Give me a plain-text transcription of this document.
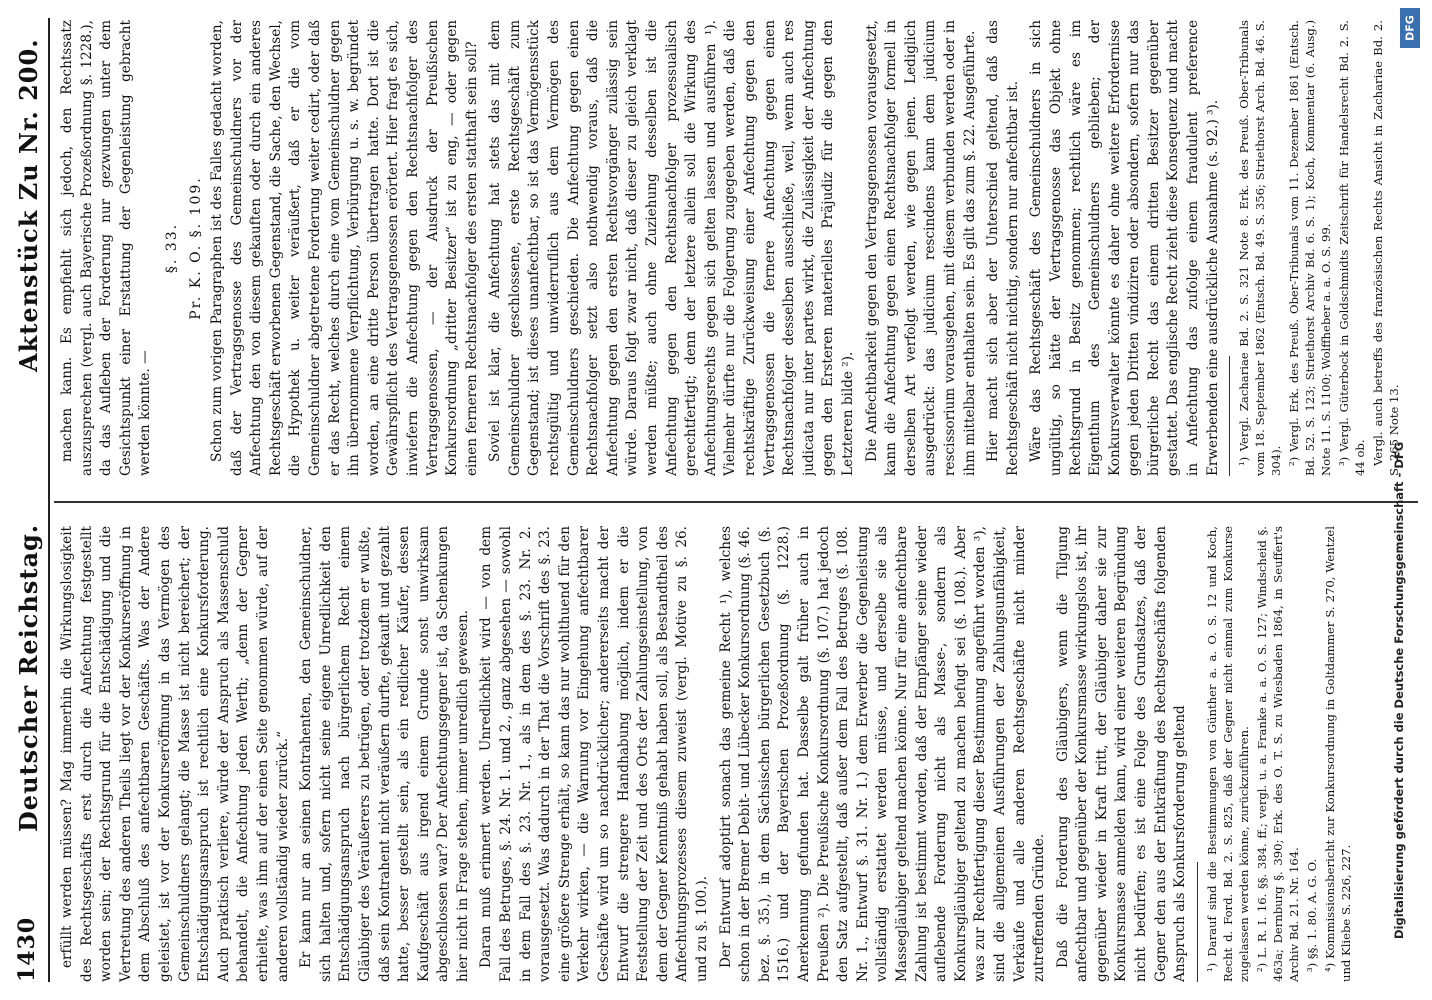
1430
Deutscher Reichstag.
Aktenstück Zu Nr. 200.

erfüllt werden müssen? Mag immerhin die Wirkungslosigkeit des Rechtsgeschäfts erst durch die Anfechtung festgestellt worden sein; der Rechtsgrund für die Entschädigung und die Vertretung des anderen Theils liegt vor der Konkurseröffnung in dem Abschluß des anfechtbaren Geschäfts. Was der Andere geleistet, ist vor der Konkurseröffnung in das Vermögen des Gemeinschuldners gelangt; die Masse ist nicht bereichert; der Entschädigungsanspruch ist rechtlich eine Konkursforderung. Auch praktisch verliere, würde der Anspruch als Massenschuld behandelt, die Anfechtung jeden Werth; „denn der Gegner erhielte, was ihm auf der einen Seite genommen würde, auf der anderen vollständig wieder zurück.“ Er kann nur an seinen Kontrahenten, den Gemeinschuldner, sich halten und, sofern nicht seine eigene Unredlichkeit den Entschädigungsanspruch nach bürgerlichem Recht einem Gläubiger des Veräußerers zu betrügen, oder trotzdem er wußte, daß sein Kontrahent nicht veräußern durfte, gekauft und gezahlt hatte, besser gestellt sein, als ein redlicher Käufer, dessen Kaufgeschäft aus irgend einem Grunde sonst unwirksam abgeschlossen war? Der Anfechtungsgegner ist, da Schenkungen hier nicht in Frage stehen, immer unredlich gewesen. Daran muß erinnert werden. Unredlichkeit wird — von dem Fall des Betruges, §. 24. Nr. 1. und 2., ganz abgesehen — sowohl in dem Fall des §. 23. Nr. 1., als in dem des §. 23. Nr. 2. vorausgesetzt. Was dadurch in der That die Vorschrift des §. 23. eine größere Strenge erhält, so kann das nur wohlthuend für den Verkehr wirken, — die Warnung vor Eingehung anfechtbarer Geschäfte wird um so nachdrücklicher; andererseits macht der Entwurf die strengere Handhabung möglich, indem er die Feststellung der Zeit und des Orts der Zahlungseinstellung, von dem der Gegner Kenntniß gehabt haben soll, als Bestandtheil des Anfechtungsprozesses diesem zuweist (vergl. Motive zu §. 26. und zu §. 100.). Der Entwurf adoptirt sonach das gemeine Recht ¹), welches schon in der Bremer Debit- und Lübecker Konkursordnung (§. 46. bez. §. 35.), in dem Sächsischen bürgerlichen Gesetzbuch (§. 1516.) und der Bayerischen Prozeßordnung (§. 1228.) Anerkennung gefunden hat. Dasselbe galt früher auch in Preußen ²). Die Preußische Konkursordnung (§. 107.) hat jedoch den Satz aufgestellt, daß außer dem Fall des Betruges (§. 108. Nr. 1., Entwurf §. 31. Nr. 1.) dem Erwerber die Gegenleistung vollständig erstattet werden müsse, und derselbe sie als Massegläubiger geltend machen könne. Nur für eine anfechtbare Zahlung ist bestimmt worden, daß der Empfänger seine wieder auflebende Forderung nicht als Masse-, sondern als Konkursgläubiger geltend zu machen befugt sei (§. 108.). Aber was zur Rechtfertigung dieser Bestimmung angeführt worden ³), sind die allgemeinen Ausführungen der Zahlungsunfähigkeit, Verkäufe und alle anderen Rechtsgeschäfte nicht minder zutreffenden Gründe. Daß die Forderung des Gläubigers, wenn die Tilgung anfechtbar und gegenüber der Konkursmasse wirkungslos ist, ihr gegenüber wieder in Kraft tritt, der Gläubiger daher sie zur Konkursmasse anmelden kann, wird einer weiteren Begründung nicht bedürfen; es ist eine Folge des Grundsatzes, daß der Gegner den aus der Entkräftung des Rechtsgeschäfts folgenden Anspruch als Konkursforderung geltend ¹) Darauf sind die Bestimmungen von Günther a. a. O. S. 12 und Koch, Recht d. Ford. Bd. 2. S. 825, daß der Gegner nicht einmal zum Konkurse zugelassen werden könne, zurückzuführen. ²) L. R. I. 16. §§. 384. ff.; vergl. u. a. Franke a. a. O. S. 127; Windscheid §. 463a; Dernburg §. 390; Erk. des O. T. S. zu Wiesbaden 1864, in Seuffert's Archiv Bd. 21. Nr. 164. ³) §§. 1. 80. A. G. O. ⁴) Kommissionsbericht zur Konkursordnung in Goltdammer S. 270, Wentzel und Kliebe S. 226, 227.

machen kann. Es empfiehlt sich jedoch, den Rechtssatz auszusprechen (vergl. auch Bayerische Prozeßordnung §. 1228.), da das Aufleben der Forderung nur gezwungen unter dem Gesichtspunkt einer Erstattung der Gegenleistung gebracht werden könnte. —

§. 33. Pr. K. O. §. 109. Schon zum vorigen Paragraphen ist des Falles gedacht worden, daß der Vertragsgenosse des Gemeinschuldners vor der Anfechtung den von diesem gekauften oder durch ein anderes Rechtsgeschäft erworbenen Gegenstand, die Sache, den Wechsel, die Hypothek u. weiter veräußert, daß er die vom Gemeinschuldner abgetretene Forderung weiter cedirt, oder daß er das Recht, welches durch eine vom Gemeinschuldner gegen ihn übernommene Verpflichtung, Verbürgung u. s. w. begründet worden, an eine dritte Person übertragen hatte. Dort ist die Gewährspflicht des Vertragsgenossen erörtert. Hier fragt es sich, inwiefern die Anfechtung gegen den Rechtsnachfolger des Vertragsgenossen, — der Ausdruck der Preußischen Konkursordnung „dritter Besitzer“ ist zu eng, — oder gegen einen ferneren Rechtsnachfolger des ersten statthaft sein soll? Soviel ist klar, die Anfechtung hat stets das mit dem Gemeinschuldner geschlossene, erste Rechtsgeschäft zum Gegenstand; ist dieses unanfechtbar, so ist das Vermögensstück rechtsgültig und unwiderruflich aus dem Vermögen des Gemeinschuldners geschieden. Die Anfechtung gegen einen Rechtsnachfolger setzt also nothwendig voraus, daß die Anfechtung gegen den ersten Rechtsvorgänger zulässig sein würde. Daraus folgt zwar nicht, daß dieser zu gleich verklagt werden müßte; auch ohne Zuziehung desselben ist die Anfechtung gegen den Rechtsnachfolger prozessualisch gerechtfertigt; denn der letztere allein soll die Wirkung des Anfechtungsrechts gegen sich gelten lassen und ausführen ¹). Vielmehr dürfte nur die Folgerung zugegeben werden, daß die rechtskräftige Zurückweisung einer Anfechtung gegen den Vertragsgenossen die fernere Anfechtung gegen einen Rechtsnachfolger desselben ausschließe, weil, wenn auch res judicata nur inter partes wirkt, die Zulässigkeit der Anfechtung gegen den Ersteren materielles Präjudiz für die gegen den Letzteren bilde ²). Die Anfechtbarkeit gegen den Vertragsgenossen vorausgesetzt, kann die Anfechtung gegen einen Rechtsnachfolger formell in derselben Art verfolgt werden, wie gegen jenen. Lediglich ausgedrückt: das judicium rescindens kann dem judicium rescissorium vorausgehen, mit diesem verbunden werden oder in ihm mittelbar enthalten sein. Es gilt das zum §. 22. Ausgeführte. Hier macht sich aber der Unterschied geltend, daß das Rechtsgeschäft nicht nichtig, sondern nur anfechtbar ist. Wäre das Rechtsgeschäft des Gemeinschuldners in sich ungültig, so hätte der Vertragsgenosse das Objekt ohne Rechtsgrund in Besitz genommen; rechtlich wäre es im Eigenthum des Gemeinschuldners geblieben; der Konkursverwalter könnte es daher ohne weitere Erfordernisse gegen jeden Dritten vindiziren oder absondern, sofern nur das bürgerliche Recht das einem dritten Besitzer gegenüber gestattet. Das englische Recht zieht diese Konsequenz und macht in Anfechtung das zufolge einem fraudulent preference Erwerbenden eine ausdrückliche Ausnahme (s. 92.) ³). ¹) Vergl. Zachariae Bd. 2. S. 321 Note 8. Erk. des Preuß. Ober-Tribunals vom 18. September 1862 (Entsch. Bd. 49. S. 356; Striethorst Arch. Bd. 46. S. 304). ²) Vergl. Erk. des Preuß. Ober-Tribunals vom 11. Dezember 1861 (Entsch. Bd. 52. S. 123; Striethorst Archiv Bd. 6. S. 1); Koch, Kommentar (6. Ausg.) Note 11. S. 1100; Wolffheber a. a. O. S. 99. ³) Vergl. Güterbock in Goldschmidts Zeitschrift für Handelsrecht Bd. 2. S. 44 ob. Vergl. auch betreffs des französischen Rechts Ansicht in Zachariae Bd. 2. S. 265 Note 13.

Digitalisierung gefördert durch die Deutsche Forschungsgemeinschaft - DFG
DFG
